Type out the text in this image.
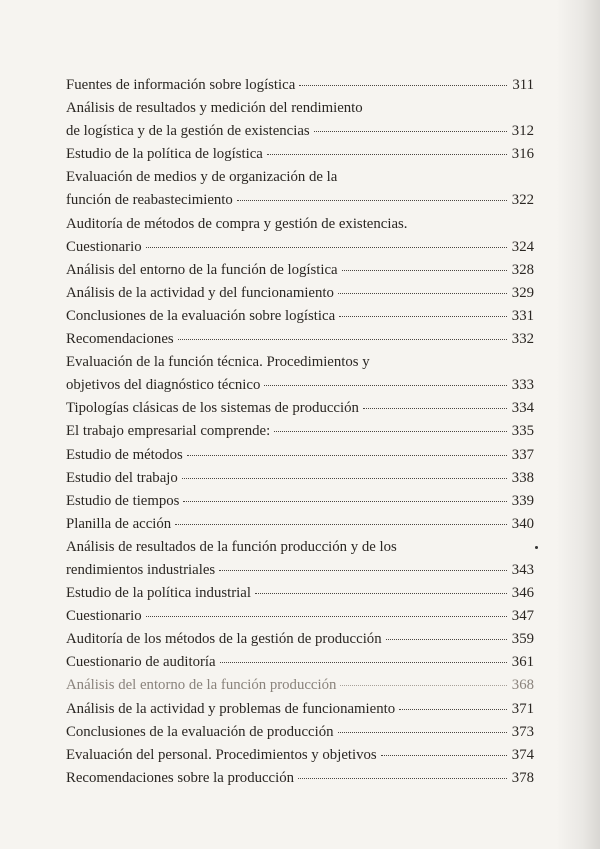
Fuentes de información sobre logística	311
Análisis de resultados y medición del rendimiento
de logística y de la gestión de existencias	312
Estudio de la política de logística	316
Evaluación de medios y de organización de la
función de reabastecimiento	322
Auditoría de métodos de compra y gestión de existencias.
Cuestionario	324
Análisis del entorno de la función de logística	328
Análisis de la actividad y del funcionamiento	329
Conclusiones de la evaluación sobre logística	331
Recomendaciones	332
Evaluación de la función técnica. Procedimientos y
objetivos del diagnóstico técnico	333
Tipologías clásicas de los sistemas de producción	334
El trabajo empresarial comprende:	335
Estudio de métodos	337
Estudio del trabajo	338
Estudio de tiempos	339
Planilla de acción	340
Análisis de resultados de la función producción y de los
rendimientos industriales	343
Estudio de la política industrial	346
Cuestionario	347
Auditoría de los métodos de la gestión de producción	359
Cuestionario de auditoría	361
Análisis del entorno de la función producción	368
Análisis de la actividad y problemas de funcionamiento	371
Conclusiones de la evaluación de producción	373
Evaluación del personal. Procedimientos y objetivos	374
Recomendaciones sobre la producción	378
